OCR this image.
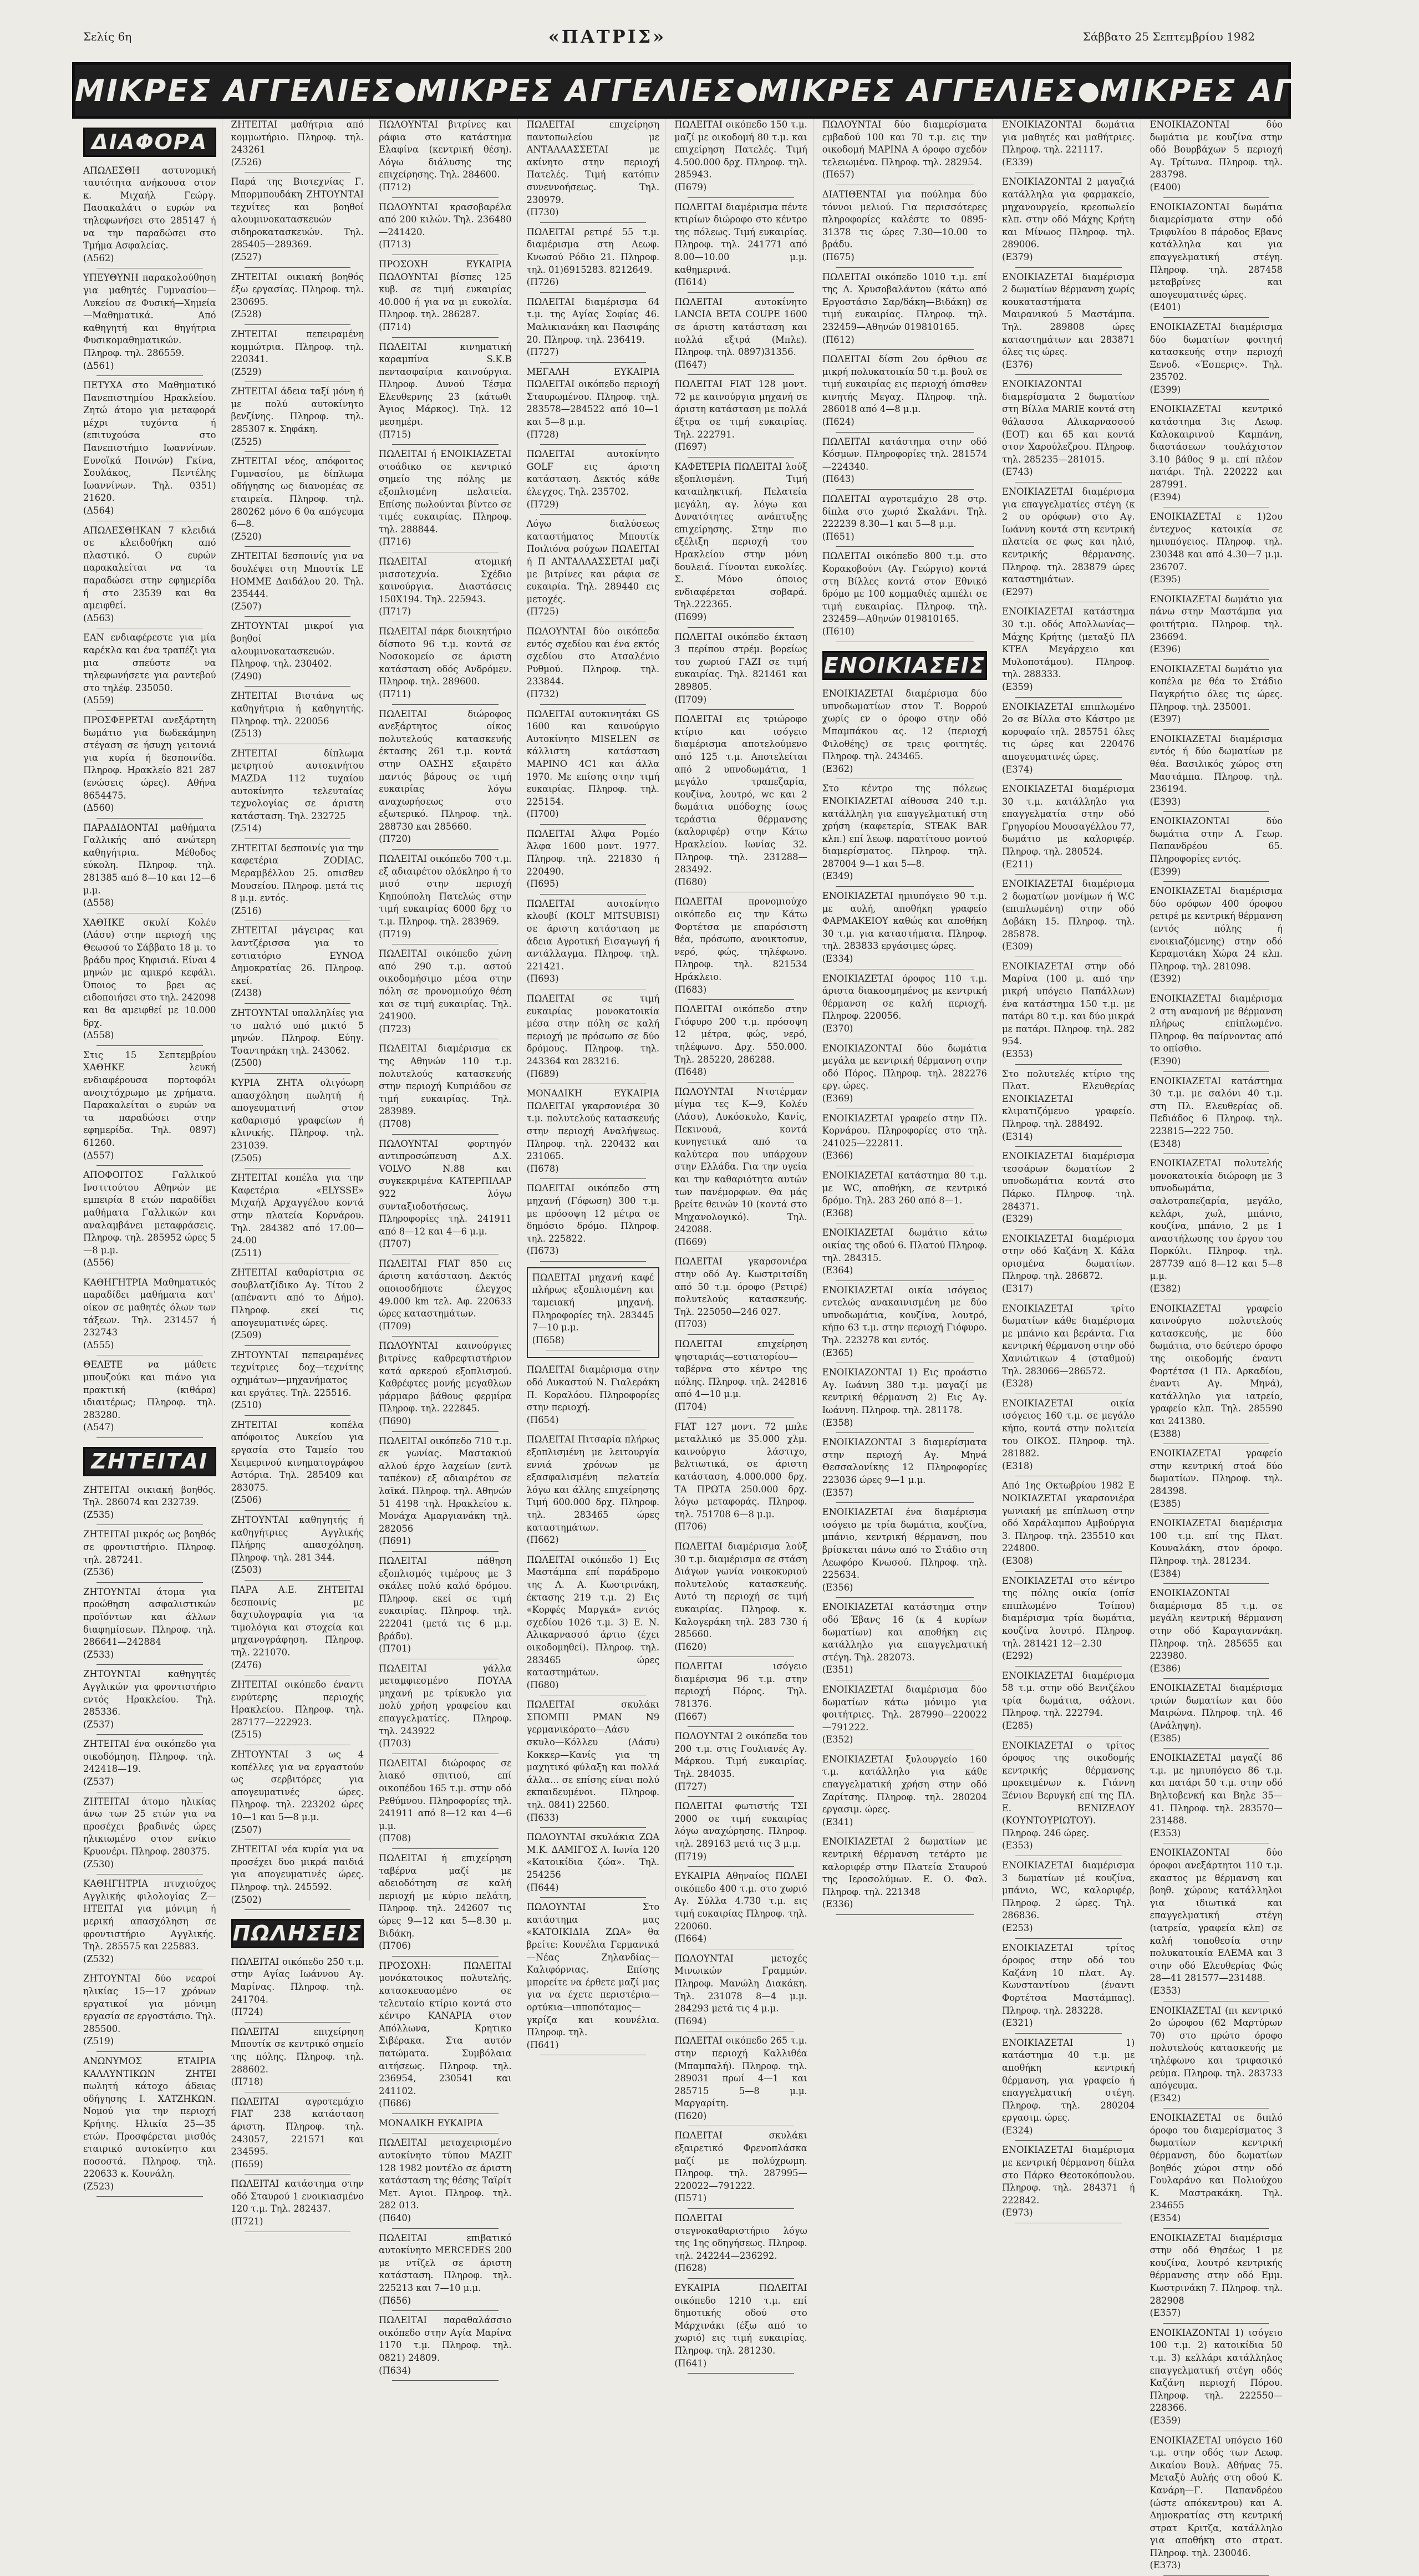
Σελίς 6η	«ΠΑΤΡΙΣ»	Σάββατο 25 Σεπτεμβρίου 1982
ΜΙΚΡΕΣ ΑΓΓΕΛΙΕΣ ● ΜΙΚΡΕΣ ΑΓΓΕΛΙΕΣ ● ΜΙΚΡΕΣ ΑΓΓΕΛΙΕΣ ● ΜΙΚΡΕΣ ΑΓΓΕΛΙΕΣ
ΔΙΑΦΟΡΑ
ΑΠΩΛΕΣΘΗ αστυνομική ταυτότητα ανήκουσα στον κ. Μιχαήλ Γεώργ. Πασακαλάτι ο ευρών να τηλεφωνήσει στο 285147 ή να την παραδώσει στο Τμήμα Ασφαλείας.
(Δ562)
ΥΠΕΥΘΥΝΗ παρακολούθηση για μαθητές Γυμνασίου—Λυκείου σε Φυσική—Χημεία—Μαθηματικά. Από καθηγητή και θηγήτρια Φυσικομαθηματικών. Πληροφ. τηλ. 286559.
(Δ561)
ΠΕΤΥΧΑ στο Μαθηματικό Πανεπιστημίου Ηρακλείου. Ζητώ άτομο για μεταφορά μέχρι τυχόντα ή (επιτυχούσα στο Πανεπιστήμιο Ιωαννίνων. Ευνοϊκά Ποινών) Γκίνα, Σουλάκος, Πεντέλης Ιωαννίνων. Τηλ. 0351) 21620.
(Δ564)
ΑΠΩΛΕΣΘΗΚΑΝ 7 κλειδιά σε κλειδοθήκη από πλαστικό. Ο ευρών παρακαλείται να τα παραδώσει στην εφημερίδα ή στο 23539 και θα αμειφθεί.
(Δ563)
ΕΑΝ ενδιαφέρεστε για μία καρέκλα και ένα τραπέζι για μια σπεύστε να τηλεφωνήσετε για ραντεβού στο τηλέφ. 235050.
(Δ559)
ΠΡΟΣΦΕΡΕΤΑΙ ανεξάρτητη δωμάτιο για δωδεκάμηνη στέγαση σε ήσυχη γειτονιά για κυρία ή δεσποινίδα. Πληροφ. Ηρακλείο 821 287 (ενώσεις ώρες). Αθήνα 8654475.
(Δ560)
ΠΑΡΑΔΙΔΟΝΤΑΙ μαθήματα Γαλλικής από ανώτερη καθηγήτρια. Μέθοδος εύκολη. Πληροφ. τηλ. 281385 από 8—10 και 12—6 μ.μ.
(Δ558)
ΧΑΘΗΚΕ σκυλί Κολέυ (Λάσυ) στην περιοχή της Θεωσού το Σάββατο 18 μ. το βράδυ προς Κηφισιά. Είναι 4 μηνών με αμικρό κεφάλι. Όποιος το βρει ας ειδοποιήσει στο τηλ. 242098 και θα αμειφθεί με 10.000 δρχ.
(Δ558)
Στις 15 Σεπτεμβρίου ΧΑΘΗΚΕ λευκή ενδιαφέρουσα πορτοφόλι ανοιχτόχρωμο με χρήματα. Παρακαλείται ο ευρών να τα παραδώσει στην εφημερίδα. Τηλ. 0897) 61260.
(Δ557)
ΑΠΟΦΟΙΤΟΣ Γαλλικού Ινστιτούτου Αθηνών με εμπειρία 8 ετών παραδίδει μαθήματα Γαλλικών και αναλαμβάνει μεταφράσεις. Πληροφ. τηλ. 285952 ώρες 5—8 μ.μ.
(Δ556)
ΚΑΘΗΓΗΤΡΙΑ Μαθηματικός παραδίδει μαθήματα κατ' οίκον σε μαθητές όλων των τάξεων. Τηλ. 231457 ή 232743
(Δ555)
ΘΕΛΕΤΕ να μάθετε μπουζούκι και πιάνο για πρακτική (κιθάρα) ιδιαιτέρως; Πληροφ. τηλ. 283280.
(Δ547)
ΖΗΤΕΙΤΑΙ
ΖΗΤΕΙΤΑΙ οικιακή βοηθός. Τηλ. 286074 και 232739.
(Ζ535)
ΖΗΤΕΙΤΑΙ μικρός ως βοηθός σε φροντιστήριο. Πληροφ. τηλ. 287241.
(Ζ536)
ΖΗΤΟΥΝΤΑΙ άτομα για προώθηση ασφαλιστικών προϊόντων και άλλων διαφημίσεων. Πληροφ. τηλ. 286641—242884
(Ζ533)
ΖΗΤΟΥΝΤΑΙ καθηγητές Αγγλικών για φροντιστήριο εντός Ηρακλείου. Τηλ. 285336.
(Ζ537)
ΖΗΤΕΙΤΑΙ ένα οικόπεδο για οικοδόμηση. Πληροφ. τηλ. 242418—19.
(Ζ537)
ΖΗΤΕΙΤΑΙ άτομο ηλικίας άνω των 25 ετών για να προσέχει βραδινές ώρες ηλικιωμένο στον ενίκιο Κρυονέρι. Πληροφ. 280375.
(Ζ530)
ΚΑΘΗΓΗΤΡΙΑ πτυχιούχος Αγγλικής φιλολογίας Ζ—ΗΤΕΙΤΑΙ για μόνιμη ή μερική απασχόληση σε φροντιστήριο Αγγλικής. Τηλ. 285575 και 225883.
(Ζ532)
ΖΗΤΟΥΝΤΑΙ δύο νεαροί ηλικίας 15—17 χρόνων εργατικοί για μόνιμη εργασία σε εργοστάσιο. Τηλ. 285500.
(Ζ519)
ΑΝΩΝΥΜΟΣ ΕΤΑΙΡΙΑ ΚΑΛΛΥΝΤΙΚΩΝ ΖΗΤΕΙ πωλητή κάτοχο άδειας οδήγησης Ι. ΧΑΤΖΗΚΩΝ. Νομού για την περιοχή Κρήτης. Ηλικία 25—35 ετών. Προσφέρεται μισθός εταιρικό αυτοκίνητο και ποσοστά. Πληροφ. τηλ. 220633 κ. Κουνάλη.
(Ζ523)
ΖΗΤΕΙΤΑΙ μαθήτρια από κομμωτήριο. Πληροφ. τηλ. 243261
(Ζ526)
Παρά της Βιοτεχνίας Γ. Μπορμπουδάκη ΖΗΤΟΥΝΤΑΙ τεχνίτες και βοηθοί αλουμινοκατασκευών σιδηροκατασκευών. Τηλ. 285405—289369.
(Ζ527)
ΖΗΤΕΙΤΑΙ οικιακή βοηθός έξω εργασίας. Πληροφ. τηλ. 230695.
(Ζ528)
ΖΗΤΕΙΤΑΙ πεπειραμένη κομμώτρια. Πληροφ. τηλ. 220341.
(Ζ529)
ΖΗΤΕΙΤΑΙ άδεια ταξί μόνη ή με πολύ αυτοκίνητο βενζίνης. Πληροφ. τηλ. 285307 κ. Σηφάκη.
(Ζ525)
ΖΗΤΕΙΤΑΙ νέος, απόφοιτος Γυμνασίου, με δίπλωμα οδήγησης ως διανομέας σε εταιρεία. Πληροφ. τηλ. 280262 μόνο 6 θα απόγευμα 6—8.
(Ζ520)
ΖΗΤΕΙΤΑΙ δεσποινίς για να δουλέψει στη Μπουτίκ LE HOMME Δαιδάλου 20. Τηλ. 235444.
(Ζ507)
ΖΗΤΟΥΝΤΑΙ μικροί για βοηθοί αλουμινοκατασκευών. Πληροφ. τηλ. 230402.
(Ζ490)
ΖΗΤΕΙΤΑΙ Βιστάνα ως καθηγήτρια ή καθηγητής. Πληροφ. τηλ. 220056
(Ζ513)
ΖΗΤΕΙΤΑΙ δίπλωμα μετρητού αυτοκινήτου MAZDA 112 τυχαίου αυτοκίνητο τελευταίας τεχνολογίας σε άριστη κατάσταση. Τηλ. 232725
(Ζ514)
ΖΗΤΕΙΤΑΙ δεσποινίς για την καφετέρια ZODIAC. Μεραμβέλλου 25. οπισθεν Μουσείου. Πληροφ. μετά τις 8 μ.μ. εντός.
(Ζ516)
ΖΗΤΕΙΤΑΙ μάγειρας και λαντζέρισσα για το εστιατόριο ΕΥΝΟΑ Δημοκρατίας 26. Πληροφ. εκεί.
(Ζ438)
ΖΗΤΟΥΝΤΑΙ υπαλληλίες για το παλτό υπό μικτό 5 μηνών. Πληροφ. Εύηγ. Τσαντηράκη τηλ. 243062.
(Ζ500)
ΚΥΡΙΑ ΖΗΤΑ ολιγόωρη απασχόληση πωλητή ή απογευματινή στον καθαρισμό γραφείων ή κλινικής. Πληροφ. τηλ. 231039.
(Ζ505)
ΖΗΤΕΙΤΑΙ κοπέλα για την Καφετέρια «ELYSSE» Μιχαήλ Αρχαγγέλου κοντά στην πλατεία Κορνάρου. Τηλ. 284382 από 17.00—24.00
(Ζ511)
ΖΗΤΕΙΤΑΙ καθαρίστρια σε σουβλατζίδικο Αγ. Τίτου 2 (απέναντι από το Δήμο). Πληροφ. εκεί τις απογευματινές ώρες.
(Ζ509)
ΖΗΤΟΥΝΤΑΙ πεπειραμένες τεχνίτριες δοχ—τεχνίτης οχημάτων—μηχανήματος και εργάτες. Τηλ. 225516.
(Ζ510)
ΖΗΤΕΙΤΑΙ κοπέλα απόφοιτος Λυκείου για εργασία στο Ταμείο του Χειμερινού κινηματογράφου Αστόρια. Τηλ. 285409 και 283075.
(Ζ506)
ΖΗΤΟΥΝΤΑΙ καθηγητής ή καθηγήτριες Αγγλικής Πλήρης απασχόληση. Πληροφ. τηλ. 281 344.
(Ζ503)
ΠΑΡΑ Α.Ε. ΖΗΤΕΙΤΑΙ δεσποινίς με δαχτυλογραφία για τα τιμολόγια και στοχεία και μηχανογράφηση. Πληροφ. τηλ. 221070.
(Ζ476)
ΖΗΤΕΙΤΑΙ οικόπεδο έναντι ευρύτερης περιοχής Ηρακλείου. Πληροφ. τηλ. 287177—222923.
(Ζ515)
ΖΗΤΟΥΝΤΑΙ 3 ως 4 κοπέλλες για να εργαστούν ως σερβιτόρες για απογευματινές ώρες. Πληροφ. τηλ. 223202 ώρες 10—1 και 5—8 μ.μ.
(Ζ507)
ΖΗΤΕΙΤΑΙ νέα κυρία για να προσέχει δυο μικρά παιδιά για απογευματινές ώρες. Πληροφ. τηλ. 245592.
(Ζ502)
ΠΩΛΗΣΕΙΣ
ΠΩΛΕΙΤΑΙ οικόπεδο 250 τ.μ. στην Αγίας Ιωάννου Αγ. Μαρίνας. Πληροφ. τηλ. 241704.
(Π724)
ΠΩΛΕΙΤΑΙ επιχείρηση Μπουτίκ σε κεντρικό σημείο της πόλης. Πληροφ. τηλ. 288602.
(Π718)
ΠΩΛΕΙΤΑΙ αγροτεμάχιο FIAT 238 κατάσταση άριστη. Πληροφ. τηλ. 243057, 221571 και 234595.
(Π659)
ΠΩΛΕΙΤΑΙ κατάστημα στην οδό Σταυρού 1 ενοικιασμένο 120 τ.μ. Τηλ. 282437.
(Π721)
ΠΩΛΟΥΝΤΑΙ βιτρίνες και ράφια στο κατάστημα Ελαφίνα (κεντρική θέση). Λόγω διάλυσης της επιχείρησης. Τηλ. 284600.
(Π712)
ΠΩΛΟΥΝΤΑΙ κρασοβαρέλα από 200 κιλών. Τηλ. 236480—241420.
(Π713)
ΠΡΟΣΟΧΗ ΕΥΚΑΙΡΙΑ ΠΩΛΟΥΝΤΑΙ βίσπες 125 κυβ. σε τιμή ευκαιρίας 40.000 ή για να μι ευκολία. Πληροφ. τηλ. 286287.
(Π714)
ΠΩΛΕΙΤΑΙ κινηματική καραμπίνα S.K.B πεντασφαίρια καινούργια. Πληροφ. Δυνού Τέσμα Ελευθερνης 23 (κάτωθι Άγιος Μάρκος). Τηλ. 12 μεσημέρι.
(Π715)
ΠΩΛΕΙΤΑΙ ή ΕΝΟΙΚΙΑΖΕΤΑΙ στοάδικο σε κεντρικό σημείο της πόλης με εξοπλισμένη πελατεία. Επίσης πωλούνται βίντεο σε τιμές ευκαιρίας. Πληροφ. τηλ. 288844.
(Π716)
ΠΩΛΕΙΤΑΙ ατομική μισσοτεχνία. Σχέδιο καινούργια. Διαστάσεις 150Χ194. Τηλ. 225943.
(Π717)
ΠΩΛΕΙΤΑΙ πάρκ διοικητήριο δίσποτο 96 τ.μ. κοντά σε Νοσοκομείο σε άριστη κατάσταση οδός Ανδρόμεν. Πληροφ. τηλ. 289600.
(Π711)
ΠΩΛΕΙΤΑΙ διώροφος ανεξάρτητος οίκος πολυτελούς κατασκευής έκτασης 261 τ.μ. κοντά στην ΟΑΣΗΣ εξαιρέτο παντός βάρους σε τιμή ευκαιρίας λόγω αναχωρήσεως στο εξωτερικό. Πληροφ. τηλ. 288730 και 285660.
(Π720)
ΠΩΛΕΙΤΑΙ οικόπεδο 700 τ.μ. εξ αδιαιρέτου ολόκληρο ή το μισό στην περιοχή Κηπούπολη Πατελώς στην τιμή ευκαιρίας 6000 δρχ το τ.μ. Πληροφ. τηλ. 283969.
(Π719)
ΠΩΛΕΙΤΑΙ οικόπεδο χώνη από 290 τ.μ. αστού οικοδομήσιμο μέσα στην πόλη σε προνομιούχο θέση και σε τιμή ευκαιρίας. Τηλ. 241900.
(Π723)
ΠΩΛΕΙΤΑΙ διαμέρισμα εκ της Αθηνών 110 τ.μ. πολυτελούς κατασκευής στην περιοχή Κυπριάδου σε τιμή ευκαιρίας. Τηλ. 283989.
(Π708)
ΠΩΛΟΥΝΤΑΙ φορτηγόν αντιπροσώπευση Δ.Χ. VOLVO Ν.88 και συγκεκριμένα ΚΑΤΕΡΠΙΛΑΡ 922 λόγω συνταξιοδοτήσεως. Πληροφορίες τηλ. 241911 από 8—12 και 4—6 μ.μ.
(Π707)
ΠΩΛΕΙΤΑΙ FIAT 850 εις άριστη κατάσταση. Δεκτός οποιοσδήποτε έλεγχος 49.000 km τελ. Αφ. 220633 ώρες καταστημάτων.
(Π709)
ΠΩΛΟΥΝΤΑΙ καινούργιες βιτρίνες καθρεφτιστήριον κατά αρκερού εξοπλισμού. Καθρέφτες μονής μεγαθλων μάρμαρο βάθους φερμίρα Πληροφ. τηλ. 222845.
(Π690)
ΠΩΛΕΙΤΑΙ οικόπεδο 710 τ.μ. εκ γωνίας. Μαστακιού αλλού έρχο λαχείων (εντλ ταπέκον) εξ αδιαιρέτου σε λαϊκά. Πληροφ. τηλ. Αθηνών 51 4198 τηλ. Ηρακλείου κ. Μονάχα Αμαργιανάκη τηλ. 282056
(Π691)
ΠΩΛΕΙΤΑΙ πάθηση εξοπλισμός τιμέρους με 3 σκάλες πολύ καλό δρόμου. Πληροφ. εκεί σε τιμή ευκαιρίας. Πληροφ. τηλ. 222041 (μετά τις 6 μ.μ. βράδυ).
(Π701)
ΠΩΛΕΙΤΑΙ γάλλα μεταμφιεσμένο ΠΟΥΛΑ μηχανή με τρίκυκλο για πολύ χρήση γραφείου και επαγγελματίες. Πληροφ. τηλ. 243922
(Π703)
ΠΩΛΕΙΤΑΙ διώροφος σε λιακό σπιτιού, επί οικοπέδου 165 τ.μ. στην οδό Ρεθύμνου. Πληροφορίες τηλ. 241911 από 8—12 και 4—6 μ.μ.
(Π708)
ΠΩΛΕΙΤΑΙ ή επιχείρηση ταβέρνα μαζί με αδειοδότηση σε καλή περιοχή με κύριο πελάτη, Πληροφ. τηλ. 242607 τις ώρες 9—12 και 5—8.30 μ. Βιδάκη.
(Π706)
ΠΡΟΣΟΧΗ: ΠΩΛΕΙΤΑΙ μονόκατοικος πολυτελής, κατασκευασμένο σε τελευταίο κτίριο κοντά στο κέντρο ΚΑΝΑΡΙΑ στον Απόλλωνα, Κρητικο Σιβέρακα. Στα αυτόν πατώματα. Συμβόλαια αιτήσεως. Πληροφ. τηλ. 236954, 230541 και 241102.
(Π686)
ΜΟΝΑΔΙΚΗ ΕΥΚΑΙΡΙΑ
ΠΩΛΕΙΤΑΙ μεταχειρισμένο αυτοκίνητο τύπου ΜΑΖΙΤ 128 1982 μοντέλο σε άριστη κατάσταση της θέσης Ταϊρίτ Μετ. Αγιοι. Πληροφ. τηλ. 282 013.
(Π640)
ΠΩΛΕΙΤΑΙ επιβατικό αυτοκίνητο MERCEDES 200 με ντίζελ σε άριστη κατάσταση. Πληροφ. τηλ. 225213 και 7—10 μ.μ.
(Π656)
ΠΩΛΕΙΤΑΙ παραθαλάσσιο οικόπεδο στην Αγία Μαρίνα 1170 τ.μ. Πληροφ. τηλ. 0821) 24809.
(Π634)
ΠΩΛΕΙΤΑΙ επιχείρηση παντοπωλείου με ΑΝΤΑΛΛΑΣΣΕΤΑΙ με ακίνητο στην περιοχή Πατελές. Τιμή κατόπιν συνεννοήσεως. Τηλ. 230979.
(Π730)
ΠΩΛΕΙΤΑΙ ρετιρέ 55 τ.μ. διαμέρισμα στη Λεωφ. Κνωσού Ρόδιο 21. Πληροφ. τηλ. 01)6915283. 8212649.
(Π726)
ΠΩΛΕΙΤΑΙ διαμέρισμα 64 τ.μ. της Αγίας Σοφίας 46. Μαλικιανάκη και Πασιφάης 20. Πληροφ. τηλ. 236419.
(Π727)
ΜΕΓΑΛΗ ΕΥΚΑΙΡΙΑ ΠΩΛΕΙΤΑΙ οικόπεδο περιοχή Σταυρωμένου. Πληροφ. τηλ. 283578—284522 από 10—1 και 5—8 μ.μ.
(Π728)
ΠΩΛΕΙΤΑΙ αυτοκίνητο GOLF εις άριστη κατάσταση. Δεκτός κάθε έλεγχος. Τηλ. 235702.
(Π729)
Λόγω διαλύσεως καταστήματος Μπουτίκ Ποιλιόνα ρούχων ΠΩΛΕΙΤΑΙ ή Π ΑΝΤΑΛΛΑΣΣΕΤΑΙ μαζί με βιτρίνες και ράφια σε ευκαιρία. Τηλ. 289440 εις μετοχές.
(Π725)
ΠΩΛΟΥΝΤΑΙ δύο οικόπεδα εντός σχεδίου και ένα εκτός σχεδίου στο Ατσαλένιο Ρυθμού. Πληροφ. τηλ. 233844.
(Π732)
ΠΩΛΕΙΤΑΙ αυτοκινητάκι GS 1600 και καινούργιο Αυτοκίνητο MISELEN σε κάλλιστη κατάσταση ΜΑΡΙΝΟ 4C1 και άλλα 1970. Με επίσης στην τιμή ευκαιρίας. Πληροφ. τηλ. 225154.
(Π700)
ΠΩΛΕΙΤΑΙ Άλφα Ρομέο Άλφα 1600 μοντ. 1977. Πληροφ. τηλ. 221830 ή 220490.
(Π695)
ΠΩΛΕΙΤΑΙ αυτοκίνητο κλουβί (KOLT MITSUBISI) σε άριστη κατάσταση με άδεια Αγροτική Εισαγωγή ή αντάλλαγμα. Πληροφ. τηλ. 221421.
(Π693)
ΠΩΛΕΙΤΑΙ σε τιμή ευκαιρίας μονοκατοικία μέσα στην πόλη σε καλή περιοχή με πρόσωπο σε δύο δρόμους. Πληροφ. τηλ. 243364 και 283216.
(Π689)
ΜΟΝΑΔΙΚΗ ΕΥΚΑΙΡΙΑ ΠΩΛΕΙΤΑΙ γκαρσονιέρα 30 τ.μ. πολυτελούς κατασκευής στην περιοχή Αναλήψεως. Πληροφ. τηλ. 220432 και 231065.
(Π678)
ΠΩΛΕΙΤΑΙ οικόπεδο στη μηχανή (Γόφωση) 300 τ.μ. με πρόσοψη 12 μέτρα σε δημόσιο δρόμο. Πληροφ. τηλ. 225822.
(Π673)
ΠΩΛΕΙΤΑΙ μηχανή καφέ πλήρως εξοπλισμένη και ταμειακή μηχανή. Πληροφορίες τηλ. 283445 7—10 μ.μ.
(Π658)
ΠΩΛΕΙΤΑΙ διαμέρισμα στην οδό Λυκαστού Ν. Γιαλεράκη Π. Κοραλόου. Πληροφορίες στην περιοχή.
(Π654)
ΠΩΛΕΙΤΑΙ Πιτσαρία πλήρως εξοπλισμένη με λειτουργία εννιά χρόνων με εξασφαλισμένη πελατεία λόγω και άλλης επιχείρησης Τιμή 600.000 δρχ. Πληροφ. τηλ. 283465 ώρες καταστημάτων.
(Π662)
ΠΩΛΕΙΤΑΙ οικόπεδο 1) Εις Μαστάμπα επί παράδρομο της Λ. Α. Κωστρινάκη, έκτασης 219 τ.μ. 2) Εις «Κορφές Μαργκά» εντός σχεδίου 1026 τ.μ. 3) Ε. Ν. Αλικαρνασσό άρτιο (έχει οικοδομηθεί). Πληροφ. τηλ. 283465 ώρες καταστημάτων.
(Π680)
ΠΩΛΕΙΤΑΙ σκυλάκι ΣΠΟΜΠΙ PMAN Ν9 γερμανικόρατο—Λάσυ σκυλο—Κόλλευ (Λάσυ) Κοκκερ—Κανίς για τη μαχητικό φύλαξη και πολλά άλλα... σε επίσης είναι πολύ εκπαιδευμένοι. Πληροφ. τηλ. 0841) 22560.
(Π633)
ΠΩΛΟΥΝΤΑΙ σκυλάκια ΖΩΑ Μ.Κ. ΔΑΜΙΓΟΣ Λ. Ιωνία 120 «Κατοικίδια ζώα». Τηλ. 254256
(Π644)
ΠΩΛΟΥΝΤΑΙ Στο κατάστημα μας «ΚΑΤΟΙΚΙΔΙΑ ΖΩΑ» θα βρείτε: Κουνέλια Γερμανικά—Νέας Ζηλανδίας—Καλιφόρνιας. Επίσης μπορείτε να έρθετε μαζί μας για να έχετε περιστέρια—ορτύκια—ιπποπόταμος—γκρίζα και κουνέλια. Πληροφ. τηλ.
(Π641)
ΠΩΛΕΙΤΑΙ οικόπεδο 150 τ.μ. μαζί με οικοδομή 80 τ.μ. και επιχείρηση Πατελές. Τιμή 4.500.000 δρχ. Πληροφ. τηλ. 285943.
(Π679)
ΠΩΛΕΙΤΑΙ διαμέρισμα πέντε κτιρίων διώροφο στο κέντρο της πόλεως. Τιμή ευκαιρίας. Πληροφ. τηλ. 241771 από 8.00—10.00 μ.μ. καθημερινά.
(Π614)
ΠΩΛΕΙΤΑΙ αυτοκίνητο LANCIA BETA COUPE 1600 σε άριστη κατάσταση και πολλά εξτρά (Μπλε). Πληροφ. τηλ. 0897)31356.
(Π647)
ΠΩΛΕΙΤΑΙ FIAT 128 μοντ. 72 με καινούργια μηχανή σε άριστη κατάσταση με πολλά έξτρα σε τιμή ευκαιρίας. Τηλ. 222791.
(Π697)
ΚΑΦΕΤΕΡΙΑ ΠΩΛΕΙΤΑΙ λούξ εξοπλισμένη. Τιμή καταπληκτική. Πελατεία μεγάλη, αγ. λόγω και Δυνατότητες ανάπτυξης επιχείρησης. Στην πιο εξέλιξη περιοχή του Ηρακλείου στην μόνη δουλειά. Γίνονται ευκολίες. Σ. Μόνο όποιος ενδιαφέρεται σοβαρά. Τηλ.222365.
(Π699)
ΠΩΛΕΙΤΑΙ οικόπεδο έκταση 3 περίπου στρέμ. βορείως του χωριού ΓΑΖΙ σε τιμή ευκαιρίας. Τηλ. 821461 και 289805.
(Π709)
ΠΩΛΕΙΤΑΙ εις τριώροφο κτίριο και ισόγειο διαμέρισμα αποτελούμενο από 125 τ.μ. Αποτελείται από 2 υπνοδωμάτια, 1 μεγάλο τραπεζαρία, κουζίνα, λουτρό, wc και 2 δωμάτια υπόδοχης ίσως τεράστια θέρμανσης (καλοριφέρ) στην Κάτω Ηρακλείου. Ιωνίας 32. Πληροφ. τηλ. 231288—283492.
(Π680)
ΠΩΛΕΙΤΑΙ προνομιούχο οικόπεδο εις την Κάτω Φορτέτσα με επαρόσιστη θέα, πρόσωπο, ανοικτοσυν, νερό, φώς, τηλέφωνο. Πληροφ. τηλ. 821534 Ηράκλειο.
(Π683)
ΠΩΛΕΙΤΑΙ οικόπεδο στην Γιόφυρο 200 τ.μ. πρόσοψη 12 μέτρα, φώς, νερό, τηλέφωνο. Δρχ. 550.000. Τηλ. 285220, 286288.
(Π648)
ΠΩΛΟΥΝΤΑΙ Ντοτέρμαν μίγμα τες K—9, Κολέυ (Λάσυ), Λυκόσκυλο, Κανίς, Πεκινουά, κοντά κυνηγετικά από τα καλύτερα που υπάρχουν στην Ελλάδα. Για την υγεία και την καθαριότητα αυτών των πανέμορφων. Θα μάς βρείτε θεινών 10 (κοντά στο Μηχανολογικό). Τηλ. 242088.
(Π669)
ΠΩΛΕΙΤΑΙ γκαρσονιέρα στην οδό Αγ. Κωστριτσίδη από 50 τ.μ. όροφο (Ρετιρέ) πολυτελούς κατασκευής. Τηλ. 225050—246 027.
(Π703)
ΠΩΛΕΙΤΑΙ επιχείρηση ψησταριάς—εστιατορίου—ταβέρνα στο κέντρο της πόλης. Πληροφ. τηλ. 242816 από 4—10 μ.μ.
(Π704)
FIAT 127 μοντ. 72 μπλε μεταλλικό με 35.000 χλμ. καινούργιο λάστιχο, βελτιωτικά, σε άριστη κατάσταση, 4.000.000 δρχ. ΤΑ ΠΡΩΤΑ 250.000 δρχ. λόγω μεταφοράς. Πληροφ. τηλ. 751708 6—8 μ.μ.
(Π706)
ΠΩΛΕΙΤΑΙ διαμέρισμα λούξ 30 τ.μ. διαμέρισμα σε στάση Διάγων γωνία νοικοκυριού πολυτελούς κατασκευής. Αυτό τη περιοχή σε τιμή ευκαιρίας. Πληροφ. κ. Καλογεράκη τηλ. 283 730 ή 285660.
(Π620)
ΠΩΛΕΙΤΑΙ ισόγειο διαμέρισμα 96 τ.μ. στην περιοχή Πόρος. Τηλ. 781376.
(Π667)
ΠΩΛΟΥΝΤΑΙ 2 οικόπεδα του 200 τ.μ. στις Γουλιανές Αγ. Μάρκου. Τιμή ευκαιρίας. Τηλ. 284035.
(Π727)
ΠΩΛΕΙΤΑΙ φωτιστής ΤΣΙ 2000 σε τιμή ευκαιρίας λόγω αναχώρησης. Πληροφ. τηλ. 289163 μετά τις 3 μ.μ.
(Π719)
ΕΥΚΑΙΡΙΑ Αθηναίος ΠΩΛΕΙ οικόπεδο 400 τ.μ. στο χωριό Αγ. Σύλλα 4.730 τ.μ. εις τιμή ευκαιρίας Πληροφ. τηλ. 220060.
(Π664)
ΠΩΛΟΥΝΤΑΙ μετοχές Μινωικών Γραμμών. Πληροφ. Μανώλη Διακάκη. Τηλ. 231078 8—4 μ.μ. 284293 μετά τις 4 μ.μ.
(Π694)
ΠΩΛΕΙΤΑΙ οικόπεδο 265 τ.μ. στην περιοχή Καλλιθέα (Μπαμπαλή). Πληροφ. τηλ. 289031 πρωί 4—1 και 285715 5—8 μ.μ. Μαργαρίτη.
(Π620)
ΠΩΛΕΙΤΑΙ σκυλάκι εξαιρετικό Φρενοπλάσκα μαζί με πολύχρωμη. Πληροφ. τηλ. 287995—220022—791222.
(Π571)
ΠΩΛΕΙΤΑΙ στεγνοκαθαριστήριο λόγω της 1ης οδηγήσεως. Πληροφ. τηλ. 242244—236292.
(Π628)
ΕΥΚΑΙΡΙΑ ΠΩΛΕΙΤΑΙ οικόπεδο 1210 τ.μ. επί δημοτικής οδού στο Μάρχινάκι (έξω από το χωριό) εις τιμή ευκαιρίας. Πληροφ. τηλ. 281230.
(Π641)
ΠΩΛΟΥΝΤΑΙ δύο διαμερίσματα εμβαδού 100 και 70 τ.μ. εις την οικοδομή ΜΑΡΙΝΑ Α όροφο σχεδόν τελειωμένα. Πληροφ. τηλ. 282954.
(Π657)
ΔΙΑΤΙΘΕΝΤΑΙ για πούλημα δύο τόννοι μελιού. Για περισσότερες πληροφορίες καλέστε το 0895-31378 τις ώρες 7.30—10.00 το βράδυ.
(Π675)
ΠΩΛΕΙΤΑΙ οικόπεδο 1010 τ.μ. επί της Λ. Χρυσοβαλάντου (κάτω από Εργοστάσιο Σαρ/δάκη—Βιδάκη) σε τιμή ευκαιρίας. Πληροφ. τηλ. 232459—Αθηνών 019810165.
(Π612)
ΠΩΛΕΙΤΑΙ δίσπι 2ου όρθιου σε μικρή πολυκατοικία 50 τ.μ. βουλ σε τιμή ευκαιρίας εις περιοχή όπισθεν κινητής Μεγαχ. Πληροφ. τηλ. 286018 από 4—8 μ.μ.
(Π624)
ΠΩΛΕΙΤΑΙ κατάστημα στην οδό Κόσμων. Πληροφορίες τηλ. 281574—224340.
(Π643)
ΠΩΛΕΙΤΑΙ αγροτεμάχιο 28 στρ. δίπλα στο χωριό Σκαλάνι. Τηλ. 222239 8.30—1 και 5—8 μ.μ.
(Π651)
ΠΩΛΕΙΤΑΙ οικόπεδο 800 τ.μ. στο Κορακοβούνι (Αγ. Γεώργιο) κοντά στη Βίλλες κοντά στον Εθνικό δρόμο με 100 κομμαθιές αμπέλι σε τιμή ευκαιρίας. Πληροφ. τηλ. 232459—Αθηνών 019810165.
(Π610)
ΕΝΟΙΚΙΑΣΕΙΣ
ΕΝΟΙΚΙΑΖΕΤΑΙ διαμέρισμα δύο υπνοδωματίων στον Τ. Βορρού χωρίς εν ο όροφο στην οδό Μπαμπάκου ας. 12 (περιοχή Φιλοθέης) σε τρεις φοιτητές. Πληροφ. τηλ. 243465.
(Ε362)
Στο κέντρο της πόλεως ΕΝΟΙΚΙΑΖΕΤΑΙ αίθουσα 240 τ.μ. κατάλληλη για επαγγελματική στη χρήση (καφετερία, STEAK BAR κλπ.) επί λεωφ. παρατίτουσ μοντού διαμερίσματος. Πληροφ. τηλ. 287004 9—1 και 5—8.
(Ε349)
ΕΝΟΙΚΙΑΖΕΤΑΙ ημιυπόγειο 90 τ.μ. με αυλή, αποθήκη γραφείο ΦΑΡΜΑΚΕΙΟΥ καθώς και αποθήκη 30 τ.μ. για καταστήματα. Πληροφ. τηλ. 283833 εργάσιμες ώρες.
(Ε334)
ΕΝΟΙΚΙΑΖΕΤΑΙ όροφος 110 τ.μ. άριστα διακοσμημένος με κεντρική θέρμανση σε καλή περιοχή. Πληροφ. 220056.
(Ε370)
ΕΝΟΙΚΙΑΖΟΝΤΑΙ δύο δωμάτια μεγάλα με κεντρική θέρμανση στην οδό Πόρος. Πληροφ. τηλ. 282276 εργ. ώρες.
(Ε369)
ΕΝΟΙΚΙΑΖΕΤΑΙ γραφείο στην Πλ. Κορνάρου. Πληροφορίες στο τηλ. 241025—222811.
(Ε366)
ΕΝΟΙΚΙΑΖΕΤΑΙ κατάστημα 80 τ.μ. με WC, αποθήκη, σε κεντρικό δρόμο. Τηλ. 283 260 από 8—1.
(Ε368)
ΕΝΟΙΚΙΑΖΕΤΑΙ δωμάτιο κάτω οικίας της οδού 6. Πλατού Πληροφ. τηλ. 284315.
(Ε364)
ΕΝΟΙΚΙΑΖΕΤΑΙ οικία ισόγειος εντελώς ανακαινισμένη με δύο υπνοδωμάτια, κουζίνα, λουτρό, κήπο 63 τ.μ. στην περιοχή Γιόφυρο. Τηλ. 223278 και εντός.
(Ε365)
ΕΝΟΙΚΙΑΖΟΝΤΑΙ 1) Εις προάστιο Αγ. Ιωάννη 380 τ.μ. μαγαζί με κεντρική θέρμανση 2) Εις Αγ. Ιωάννη. Πληροφ. τηλ. 281178.
(Ε358)
ΕΝΟΙΚΙΑΖΟΝΤΑΙ 3 διαμερίσματα στην περιοχή Αγ. Μηνά Θεσσαλονίκης 12 Πληροφορίες 223036 ώρες 9—1 μ.μ.
(Ε357)
ΕΝΟΙΚΙΑΖΕΤΑΙ ένα διαμέρισμα ισόγειο με τρία δωμάτια, κουζίνα, μπάνιο, κεντρική θέρμανση, που βρίσκεται πάνω από το Στάδιο στη Λεωφόρο Κνωσού. Πληροφ. τηλ. 225634.
(Ε356)
ΕΝΟΙΚΙΑΖΕΤΑΙ κατάστημα στην οδό Έβανς 16 (κ 4 κυρίων δωματίων) και αποθήκη εις κατάλληλο για επαγγελματική στέγη. Τηλ. 282073.
(Ε351)
ΕΝΟΙΚΙΑΖΕΤΑΙ διαμέρισμα δύο δωματίων κάτω μόνιμο για φοιτήτριες. Τηλ. 287990—220022—791222.
(Ε352)
ΕΝΟΙΚΙΑΖΕΤΑΙ ξυλουργείο 160 τ.μ. κατάλληλο για κάθε επαγγελματική χρήση στην οδό Ζαρίτσης. Πληροφ. τηλ. 280204 εργασιμ. ώρες.
(Ε341)
ΕΝΟΙΚΙΑΖΕΤΑΙ 2 δωματίων με κεντρική θέρμανση τετάρτο με καλοριφέρ στην Πλατεία Σταυρού της Ιεροσολύμων. Ε. Ο. Φαλ. Πληροφ. τηλ. 221348
(Ε336)
ΕΝΟΙΚΙΑΖΟΝΤΑΙ δωμάτια για μαθητές και μαθήτριες. Πληροφ. τηλ. 221117.
(Ε339)
ΕΝΟΙΚΙΑΖΟΝΤΑΙ 2 μαγαζιά κατάλληλα για φαρμακείο, μηχανουργείο, κρεοπωλείο κλπ. στην οδό Μάχης Κρήτη και Μίνωος Πληροφ. τηλ. 289006.
(Ε379)
ΕΝΟΙΚΙΑΖΕΤΑΙ διαμέρισμα 2 δωματίων θέρμανση χωρίς κουκαταστήματα Μαιρανικού 5 Μαστάμπα. Τηλ. 289808 ώρες καταστημάτων και 283871 όλες τις ώρες.
(Ε376)
ΕΝΟΙΚΙΑΖΟΝΤΑΙ διαμερίσματα 2 δωματίων στη Βίλλα MARIE κοντά στη θάλασσα Αλικαρνασσού (ΕΟΤ) και 65 και κοντά στον Χαρούλεζρου. Πληροφ. τηλ. 285235—281015.
(Ε743)
ΕΝΟΙΚΙΑΖΕΤΑΙ διαμέρισμα για επαγγελματίες στέγη (κ 2 ου ορόφων) στο Αγ. Ιωάννη κοντά στη κεντρική πλατεία σε φως και ηλιό, κεντρικής θέρμανσης. Πληροφ. τηλ. 283879 ώρες καταστημάτων.
(Ε297)
ΕΝΟΙΚΙΑΖΕΤΑΙ κατάστημα 30 τ.μ. οδός Απολλωνίας—Μάχης Κρήτης (μεταξύ ΠΛ ΚΤΕΛ Μεγάρχειο και Μυλοποτάμου). Πληροφ. τηλ. 288333.
(Ε359)
ΕΝΟΙΚΙΑΖΕΤΑΙ επιπλωμένο 2ο σε Βίλλα στο Κάστρο με κορυφαίο τηλ. 285751 όλες τις ώρες και 220476 απογευματινές ώρες.
(Ε374)
ΕΝΟΙΚΙΑΖΕΤΑΙ διαμέρισμα 30 τ.μ. κατάλληλο για επαγγελματία στην οδό Γρηγορίου Μουσαγέλλου 77, δωμάτιο με καλοριφέρ. Πληροφ. τηλ. 280524.
(Ε211)
ΕΝΟΙΚΙΑΖΕΤΑΙ διαμέρισμα 2 δωματίων μονίμων ή W.C (επιπλωμένη) στην οδό Δοβάκη 15. Πληροφ. τηλ. 285878.
(Ε309)
ΕΝΟΙΚΙΑΖΕΤΑΙ στην οδό Μαρίνα (100 μ. από την μικρή υπόγειο Παπάλλων) ένα κατάστημα 150 τ.μ. με πατάρι 80 τ.μ. και δύο μικρά με πατάρι. Πληροφ. τηλ. 282 954.
(Ε353)
Στο πολυτελές κτίριο της Πλατ. Ελευθερίας ΕΝΟΙΚΙΑΖΕΤΑΙ κλιματιζόμενο γραφείο. Πληροφ. τηλ. 288492.
(Ε314)
ΕΝΟΙΚΙΑΖΕΤΑΙ διαμέρισμα τεσσάρων δωματίων 2 υπνοδωμάτια κοντά στο Πάρκο. Πληροφ. τηλ. 284371.
(Ε329)
ΕΝΟΙΚΙΑΖΕΤΑΙ διαμέρισμα στην οδό Καζάνη Χ. Κάλα ορισμένα δωματίων. Πληροφ. τηλ. 286872.
(Ε317)
ΕΝΟΙΚΙΑΖΕΤΑΙ τρίτο δωματίων κάθε διαμέρισμα με μπάνιο και βεράντα. Για κεντρική θέρμανση στην οδό Χανιώτικων 4 (σταθμού) Τηλ. 283066—286572.
(Ε328)
ΕΝΟΙΚΙΑΖΕΤΑΙ οικία ισόγειος 160 τ.μ. σε μεγάλο κήπο, κοντά στην πολιτεία του ΟΙΚΟΣ. Πληροφ. τηλ. 281882.
(Ε318)
Από 1ης Οκτωβρίου 1982 Ε ΝΟΙΚΙΑΖΕΤΑΙ γκαρσονιέρα γωνιακή με επίπλωση στην οδό Χαράλαμπου Αμβούργια 3. Πληροφ. τηλ. 235510 και 224800.
(Ε308)
ΕΝΟΙΚΙΑΖΕΤΑΙ στο κέντρο της πόλης οικία (οπίσ επιπλωμένο Τσίπου) διαμέρισμα τρία δωμάτια, κουζίνα λουτρό. Πληροφ. τηλ. 281421 12—2.30
(Ε292)
ΕΝΟΙΚΙΑΖΕΤΑΙ διαμέρισμα 58 τ.μ. στην οδό Βενιζέλου τρία δωμάτια, σάλονι. Πληροφ. τηλ. 222794.
(Ε285)
ΕΝΟΙΚΙΑΖΕΤΑΙ ο τρίτος όροφος της οικοδομής κεντρικής θέρμανσης προκειμένων κ. Γιάννη Ξένιου Βερυγκή επί της ΠΛ. Ε. ΒΕΝΙΖΕΛΟΥ (ΚΟΥΝΤΟΥΡΙΩΤΟΥ). Πληροφ. 246 ώρες.
(Ε353)
ΕΝΟΙΚΙΑΖΕΤΑΙ διαμέρισμα 3 δωματίων μέ κουζίνα, μπάνιο, WC, καλοριφέρ, Πληροφ. 2 ώρες. Τηλ. 286836.
(Ε253)
ΕΝΟΙΚΙΑΖΕΤΑΙ τρίτος όροφος στην οδό του Καζάνη 10 πλατ. Αγ. Κωνσταντίνου (έναντι Φορτέτσα Μαστάμπας). Πληροφ. τηλ. 283228.
(Ε321)
ΕΝΟΙΚΙΑΖΕΤΑΙ 1) κατάστημα 40 τ.μ. με αποθήκη κεντρική θέρμανση, για γραφείο ή επαγγελματική στέγη. Πληροφ. τηλ. 280204 εργασιμ. ώρες.
(Ε324)
ΕΝΟΙΚΙΑΖΕΤΑΙ διαμέρισμα με κεντρική θέρμανση δίπλα στο Πάρκο Θεοτοκόπουλου. Πληροφ. τηλ. 284371 ή 222842.
(Ε973)
ΕΝΟΙΚΙΑΖΟΝΤΑΙ δύο δωμάτια με κουζίνα στην οδό Βουρβάχων 5 περιοχή Αγ. Τρίτωνα. Πληροφ. τηλ. 283798.
(Ε400)
ΕΝΟΙΚΙΑΖΟΝΤΑΙ δωμάτια διαμερίσματα στην οδό Τριφυλίου 8 πάροδος Εβανς κατάλληλα και για επαγγελματική στέγη. Πληροφ. τηλ. 287458 μεταβρίνες και απογευματινές ώρες.
(Ε401)
ΕΝΟΙΚΙΑΖΕΤΑΙ διαμέρισμα δύο δωματίων φοιτητή κατασκευής στην περιοχή Ξενοδ. «Έσπερις». Τηλ. 235702.
(Ε399)
ΕΝΟΙΚΙΑΖΕΤΑΙ κεντρικό κατάστημα 3ις Λεωφ. Καλοκαιρινού Καμπάνη, διαστάσεων τουλάχιστον 3.10 βάθος 9 μ. επί πλέον πατάρι. Τηλ. 220222 και 287991.
(Ε394)
ΕΝΟΙΚΙΑΖΕΤΑΙ ε 1)2ου έντεχνος κατοικία σε ημιυπόγειος. Πληροφ. τηλ. 230348 και από 4.30—7 μ.μ. 236707.
(Ε395)
ΕΝΟΙΚΙΑΖΕΤΑΙ δωμάτιο για πάνω στην Μαστάμπα για φοιτήτρια. Πληροφ. τηλ. 236694.
(Ε396)
ΕΝΟΙΚΙΑΖΕΤΑΙ δωμάτιο για κοπέλα με θέα το Στάδιο Παγκρήτιο όλες τις ώρες. Πληροφ. τηλ. 235001.
(Ε397)
ΕΝΟΙΚΙΑΖΕΤΑΙ διαμέρισμα εντός ή δύο δωματίων με θέα. Βασιλικός χώρος στη Μαστάμπα. Πληροφ. τηλ. 236194.
(Ε393)
ΕΝΟΙΚΙΑΖΟΝΤΑΙ δύο δωμάτια στην Λ. Γεωρ. Παπανδρέου 65. Πληροφορίες εντός.
(Ε399)
ΕΝΟΙΚΙΑΖΕΤΑΙ διαμέρισμα δύο ορόφων 400 όροφου ρετιρέ με κεντρική θέρμανση (εντός πόλης ή ενοικιαζόμενης) στην οδό Κεραμοτάκη Χώρα 24 κλπ. Πληροφ. τηλ. 281098.
(Ε392)
ΕΝΟΙΚΙΑΖΕΤΑΙ διαμέρισμα 2 στη αναμονή με θέρμανση πλήρως επίπλωμένο. Πληροφ. θα παίρνοντας από το οπίσθιο.
(Ε390)
ΕΝΟΙΚΙΑΖΕΤΑΙ κατάστημα 30 τ.μ. με σαλόνι 40 τ.μ. στη Πλ. Ελευθερίας οδ. Πεδιάδος 6 Πληροφ. τηλ. 223815—222 750.
(Ε348)
ΕΝΟΙΚΙΑΖΕΤΑΙ πολυτελής μονοκατοικία διώροφη με 3 υπνοδωμάτια, σαλοτραπεζαρία, μεγάλο, κελάρι, χωλ, μπάνιο, κουζίνα, μπάνιο, 2 με 1 αναστήλωσης του έργου του Πορκύλι. Πληροφ. τηλ. 287739 από 8—12 και 5—8 μ.μ.
(Ε382)
ΕΝΟΙΚΙΑΖΕΤΑΙ γραφείο καινούργιο πολυτελούς κατασκευής, με δύο δωμάτια, στο δεύτερο όροφο της οικοδομής έναντι Φορτέτσα (1 Πλ. Αρκαδίου, έναντι Αγ. Μηνά), κατάλληλο για ιατρείο, γραφείο κλπ. Τηλ. 285590 και 241380.
(Ε388)
ΕΝΟΙΚΙΑΖΕΤΑΙ γραφείο στην κεντρική στοά δύο δωματίων. Πληροφ. τηλ. 284398.
(Ε385)
ΕΝΟΙΚΙΑΖΕΤΑΙ διαμέρισμα 100 τ.μ. επί της Πλατ. Κουναλάκη, στον όροφο. Πληροφ. τηλ. 281234.
(Ε384)
ΕΝΟΙΚΙΑΖΟΝΤΑΙ διαμέρισμα 85 τ.μ. σε μεγάλη κεντρική θέρμανση στην οδό Καραγιαννάκη. Πληροφ. τηλ. 285655 και 223980.
(Ε386)
ΕΝΟΙΚΙΑΖΕΤΑΙ διαμέρισμα τριών δωματίων και δύο Μαιρώνα. Πληροφ. τηλ. 46 (Ανάληψη).
(Ε385)
ΕΝΟΙΚΙΑΖΕΤΑΙ μαγαζί 86 τ.μ. με ημιυπόγειο 86 τ.μ. και πατάρι 50 τ.μ. στην οδό Βηλτοβενκή και Βηλε 35—41. Πληροφ. τηλ. 283570—231488.
(Ε353)
ΕΝΟΙΚΙΑΖΟΝΤΑΙ δύο όροφοι ανεξάρτητοι 110 τ.μ. εκαστος με θέρμανση και βοηθ. χώρους κατάλληλοι για ιδιωτικά και επαγγελματική στέγη (ιατρεία, γραφεία κλπ) σε καλή τοποθεσία στην πολυκατοικία ΕΛΕΜΑ και 3 στην οδό Ελευθερίας Φώς 28—41 281577—231488.
(Ε353)
ΕΝΟΙΚΙΑΖΕΤΑΙ (πι κεντρικό 2ο ώροφου (62 Μαρτύρων 70) στο πρώτο όροφο πολυτελούς κατασκευής με τηλέφωνο και τριφασικό ρεύμα. Πληροφ. τηλ. 283733 απόγευμα.
(Ε342)
ΕΝΟΙΚΙΑΖΕΤΑΙ σε διπλό όροφο του διαμερίσματος 3 δωματίων κεντρική θέρμανση, δύο δωματίων βοηθός χώροι στην οδό Γουλαράνο και Πολιούχου Κ. Μαστρακάκη. Τηλ. 234655
(Ε354)
ΕΝΟΙΚΙΑΖΕΤΑΙ διαμέρισμα στην οδό Θησέως 1 με κουζίνα, λουτρό κεντρικής θέρμανσης στην οδό Εμμ. Κωστρινάκη 7. Πληροφ. τηλ. 282908
(Ε357)
ΕΝΟΙΚΙΑΖΟΝΤΑΙ 1) ισόγειο 100 τ.μ. 2) κατοικίδια 50 τ.μ. 3) κελλάρι κατάλληλος επαγγελματική στέγη οδός Καζάνη περιοχή Πόρου. Πληροφ. τηλ. 222550—228366.
(Ε359)
ΕΝΟΙΚΙΑΖΕΤΑΙ υπόγειο 160 τ.μ. στην οδός των Λεωφ. Δικαίου Βουλ. Αθήνας 75. Μεταξύ Αυλής στη οδού Κ. Κανάρη—Γ. Παπανδρέου (ώστε απόκεντρου) και Α. Δημοκρατίας στη κεντρική στρατ Κριτζα, κατάλληλο για αποθήκη στο στρατ. Πληροφ. τηλ. 230046.
(Ε373)
